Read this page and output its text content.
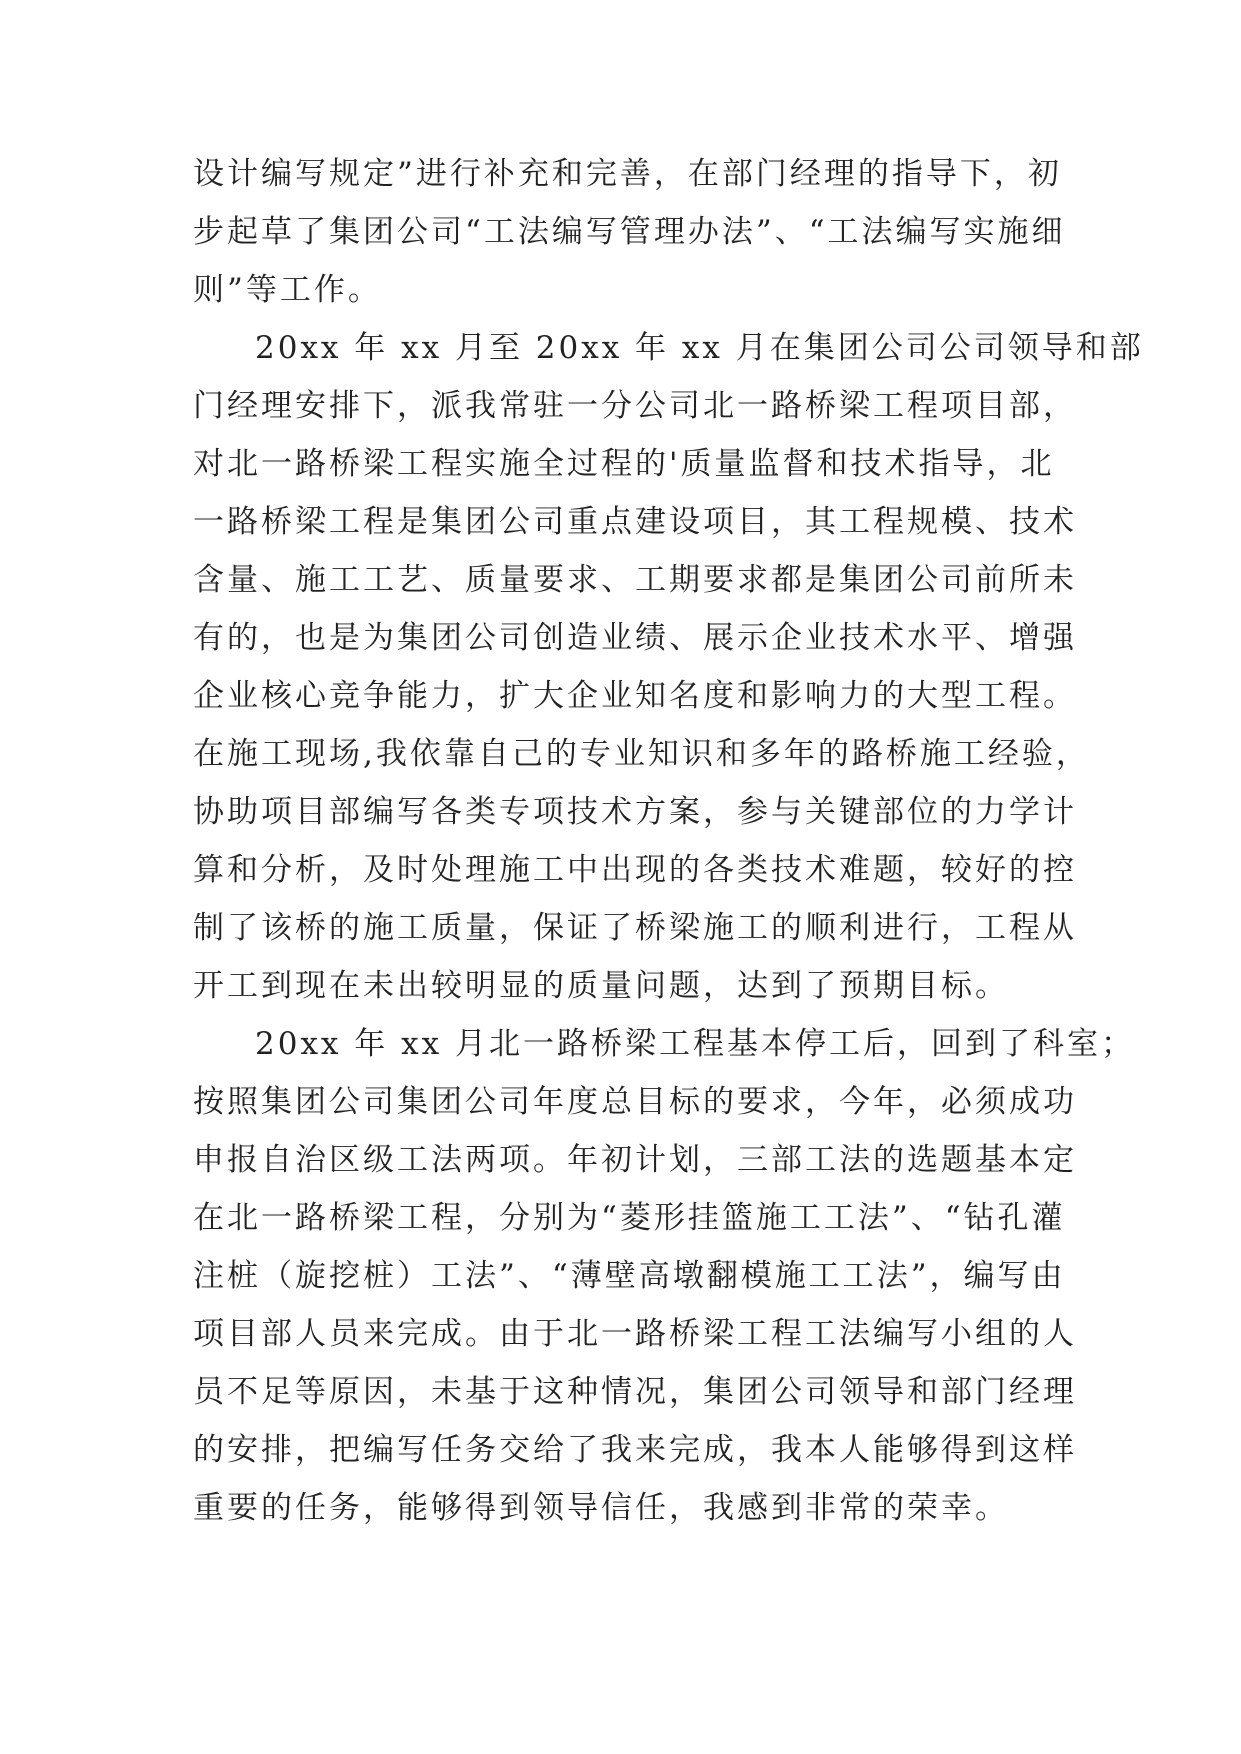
设计编写规定”进行补充和完善，在部门经理的指导下，初
步起草了集团公司“工法编写管理办法”、“工法编写实施细
则”等工作。
20xx 年 xx 月至 20xx 年 xx 月在集团公司公司领导和部
门经理安排下，派我常驻一分公司北一路桥梁工程项目部，
对北一路桥梁工程实施全过程的'质量监督和技术指导，北
一路桥梁工程是集团公司重点建设项目，其工程规模、技术
含量、施工工艺、质量要求、工期要求都是集团公司前所未
有的，也是为集团公司创造业绩、展示企业技术水平、增强
企业核心竞争能力，扩大企业知名度和影响力的大型工程。
在施工现场,我依靠自己的专业知识和多年的路桥施工经验，
协助项目部编写各类专项技术方案，参与关键部位的力学计
算和分析，及时处理施工中出现的各类技术难题，较好的控
制了该桥的施工质量，保证了桥梁施工的顺利进行，工程从
开工到现在未出较明显的质量问题，达到了预期目标。
20xx 年 xx 月北一路桥梁工程基本停工后，回到了科室；
按照集团公司集团公司年度总目标的要求，今年，必须成功
申报自治区级工法两项。年初计划，三部工法的选题基本定
在北一路桥梁工程，分别为“菱形挂篮施工工法”、“钻孔灌
注桩（旋挖桩）工法”、“薄壁高墩翻模施工工法”，编写由
项目部人员来完成。由于北一路桥梁工程工法编写小组的人
员不足等原因，未基于这种情况，集团公司领导和部门经理
的安排，把编写任务交给了我来完成，我本人能够得到这样
重要的任务，能够得到领导信任，我感到非常的荣幸。
